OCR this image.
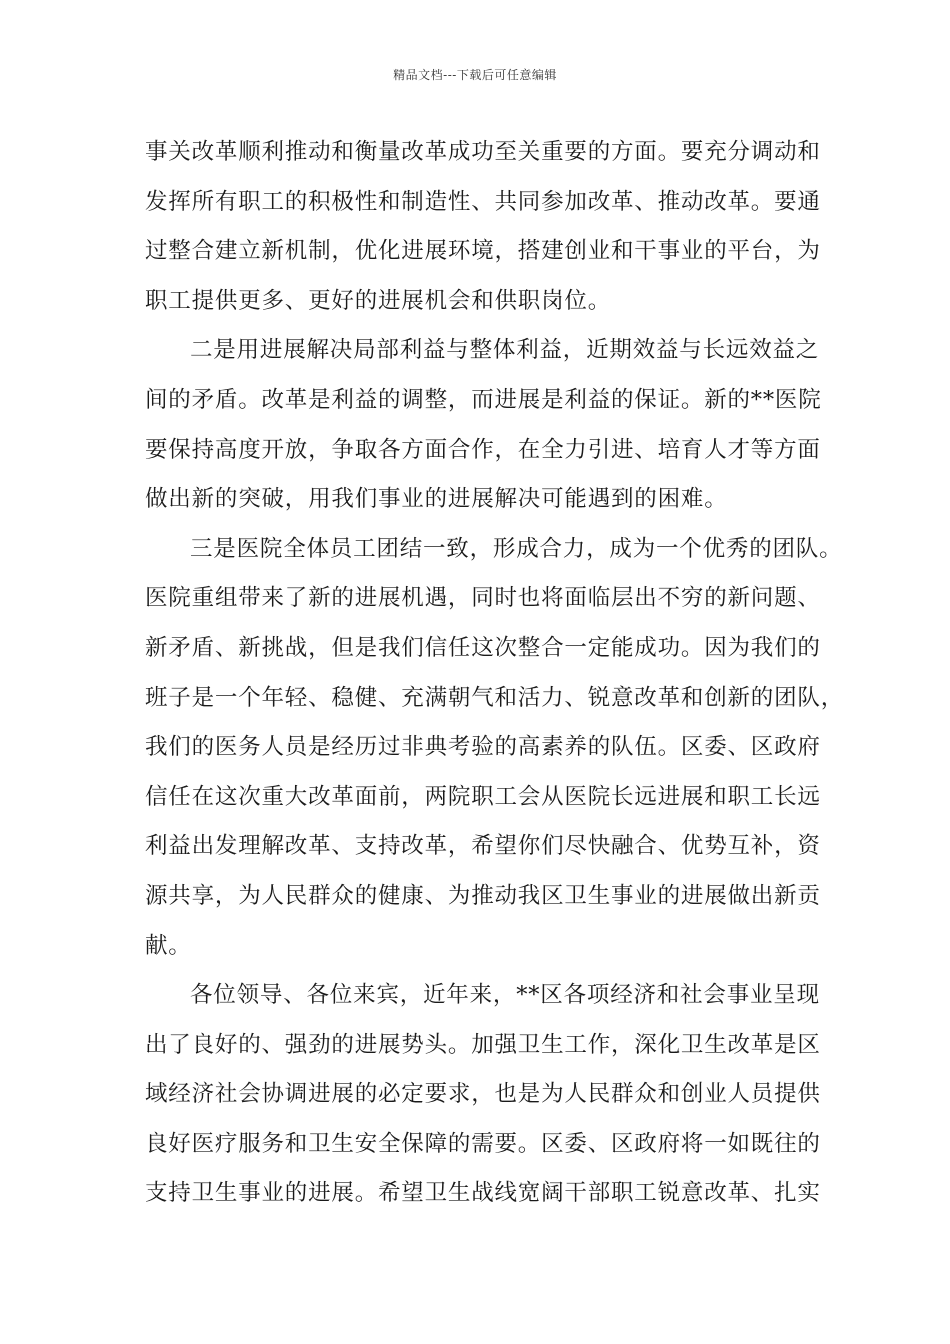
精品文档---下载后可任意编辑
事关改革顺利推动和衡量改革成功至关重要的方面。要充分调动和
发挥所有职工的积极性和制造性、共同参加改革、推动改革。要通
过整合建立新机制，优化进展环境，搭建创业和干事业的平台，为
职工提供更多、更好的进展机会和供职岗位。
二是用进展解决局部利益与整体利益，近期效益与长远效益之
间的矛盾。改革是利益的调整，而进展是利益的保证。新的**医院
要保持高度开放，争取各方面合作，在全力引进、培育人才等方面
做出新的突破，用我们事业的进展解决可能遇到的困难。
三是医院全体员工团结一致，形成合力，成为一个优秀的团队。
医院重组带来了新的进展机遇，同时也将面临层出不穷的新问题、
新矛盾、新挑战，但是我们信任这次整合一定能成功。因为我们的
班子是一个年轻、稳健、充满朝气和活力、锐意改革和创新的团队，
我们的医务人员是经历过非典考验的高素养的队伍。区委、区政府
信任在这次重大改革面前，两院职工会从医院长远进展和职工长远
利益出发理解改革、支持改革，希望你们尽快融合、优势互补，资
源共享，为人民群众的健康、为推动我区卫生事业的进展做出新贡
献。
各位领导、各位来宾，近年来，**区各项经济和社会事业呈现
出了良好的、强劲的进展势头。加强卫生工作，深化卫生改革是区
域经济社会协调进展的必定要求，也是为人民群众和创业人员提供
良好医疗服务和卫生安全保障的需要。区委、区政府将一如既往的
支持卫生事业的进展。希望卫生战线宽阔干部职工锐意改革、扎实
